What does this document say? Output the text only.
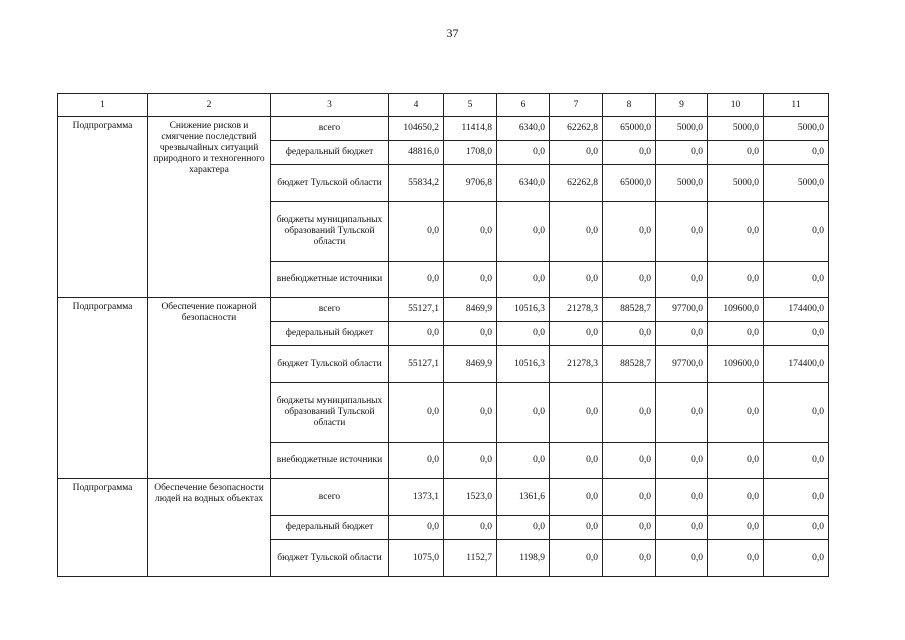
37
1	2	3	4	5	6	7	8	9	10	11
Подпрограмма	Снижение рисков и смягчение последствий чрезвычайных ситуаций природного и техногенного характера	всего	104650,2	11414,8	6340,0	62262,8	65000,0	5000,0	5000,0	5000,0
		федеральный бюджет	48816,0	1708,0	0,0	0,0	0,0	0,0	0,0	0,0
		бюджет Тульской области	55834,2	9706,8	6340,0	62262,8	65000,0	5000,0	5000,0	5000,0
		бюджеты муниципальных образований Тульской области	0,0	0,0	0,0	0,0	0,0	0,0	0,0	0,0
		внебюджетные источники	0,0	0,0	0,0	0,0	0,0	0,0	0,0	0,0
Подпрограмма	Обеспечение пожарной безопасности	всего	55127,1	8469,9	10516,3	21278,3	88528,7	97700,0	109600,0	174400,0
		федеральный бюджет	0,0	0,0	0,0	0,0	0,0	0,0	0,0	0,0
		бюджет Тульской области	55127,1	8469,9	10516,3	21278,3	88528,7	97700,0	109600,0	174400,0
		бюджеты муниципальных образований Тульской области	0,0	0,0	0,0	0,0	0,0	0,0	0,0	0,0
		внебюджетные источники	0,0	0,0	0,0	0,0	0,0	0,0	0,0	0,0
Подпрограмма	Обеспечение безопасности людей на водных объектах	всего	1373,1	1523,0	1361,6	0,0	0,0	0,0	0,0	0,0
		федеральный бюджет	0,0	0,0	0,0	0,0	0,0	0,0	0,0	0,0
		бюджет Тульской области	1075,0	1152,7	1198,9	0,0	0,0	0,0	0,0	0,0
